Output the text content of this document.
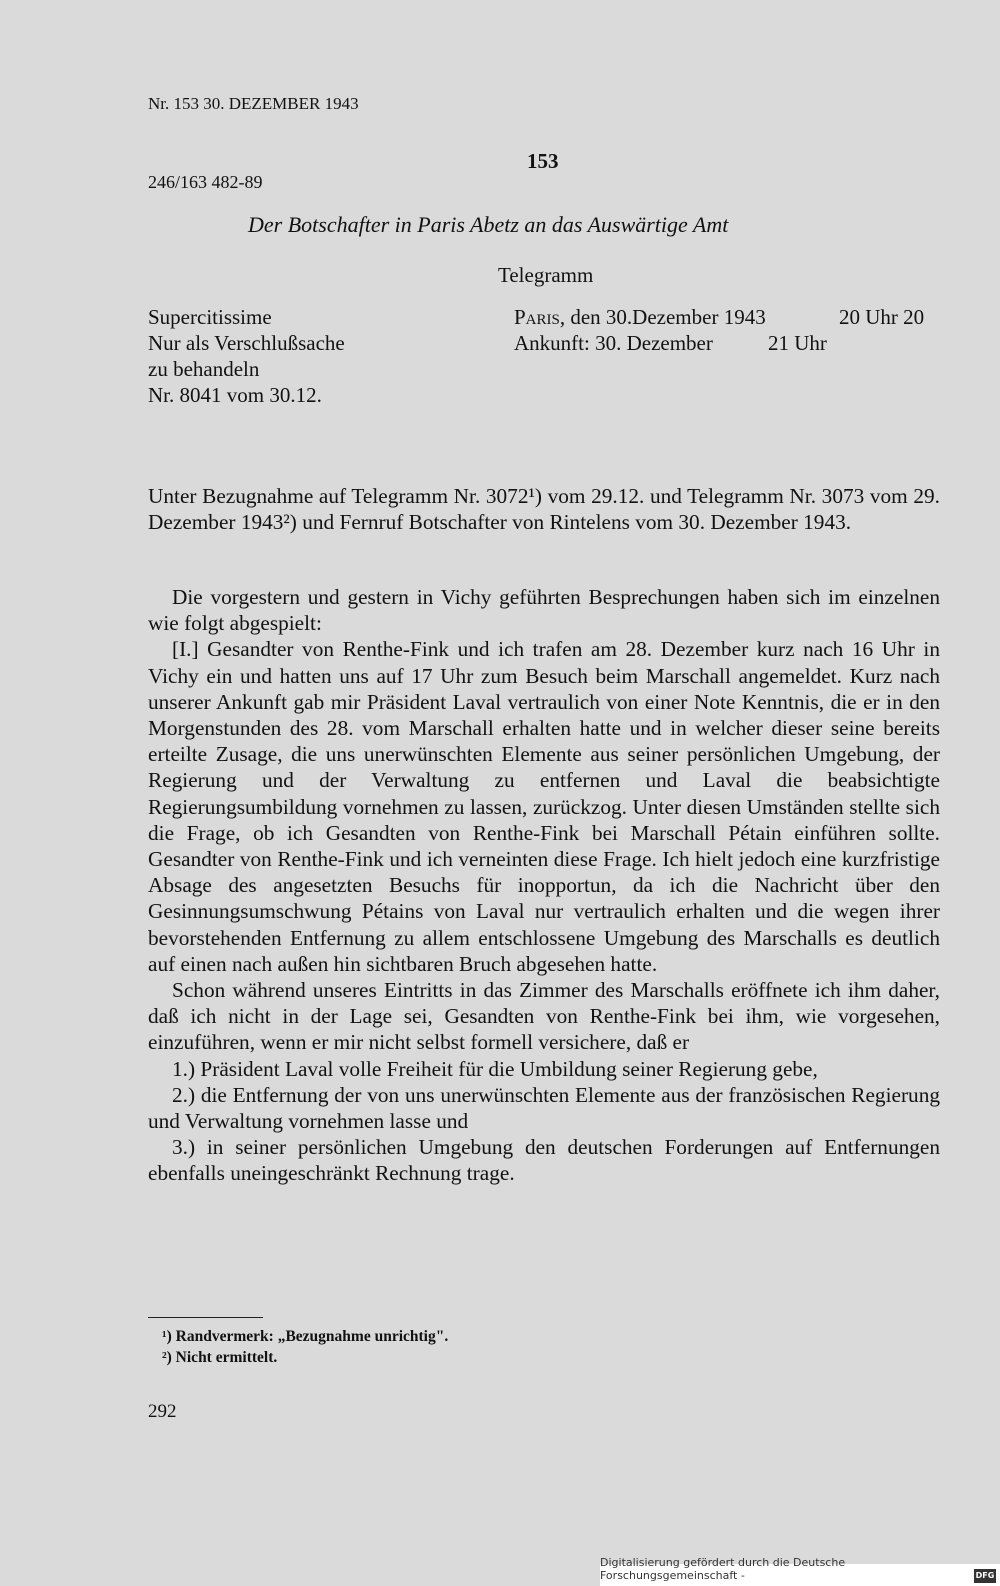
Nr. 153 30. DEZEMBER 1943
153
246/163 482-89
Der Botschafter in Paris Abetz an das Auswärtige Amt
Telegramm
Supercitissime
Nur als Verschlußsache
zu behandeln
Nr. 8041 vom 30.12.
Paris, den 30.Dezember 1943	20 Uhr 20
Ankunft: 30. Dezember	21 Uhr

Unter Bezugnahme auf Telegramm Nr. 3072¹) vom 29.12. und Telegramm Nr. 3073 vom 29. Dezember 1943²) und Fernruf Botschafter von Rintelens vom 30. Dezember 1943.

Die vorgestern und gestern in Vichy geführten Besprechungen haben sich im einzelnen wie folgt abgespielt:

[I.] Gesandter von Renthe-Fink und ich trafen am 28. Dezember kurz nach 16 Uhr in Vichy ein und hatten uns auf 17 Uhr zum Besuch beim Marschall angemeldet. Kurz nach unserer Ankunft gab mir Präsident Laval vertraulich von einer Note Kenntnis, die er in den Morgenstunden des 28. vom Marschall erhalten hatte und in welcher dieser seine bereits erteilte Zusage, die uns unerwünschten Elemente aus seiner persönlichen Umgebung, der Regierung und der Verwaltung zu entfernen und Laval die beabsichtigte Regierungsumbildung vornehmen zu lassen, zurückzog. Unter diesen Umständen stellte sich die Frage, ob ich Gesandten von Renthe-Fink bei Marschall Pétain einführen sollte. Gesandter von Renthe-Fink und ich verneinten diese Frage. Ich hielt jedoch eine kurzfristige Absage des angesetzten Besuchs für inopportun, da ich die Nachricht über den Gesinnungsumschwung Pétains von Laval nur vertraulich erhalten und die wegen ihrer bevorstehenden Entfernung zu allem entschlossene Umgebung des Marschalls es deutlich auf einen nach außen hin sichtbaren Bruch abgesehen hatte.

Schon während unseres Eintritts in das Zimmer des Marschalls eröffnete ich ihm daher, daß ich nicht in der Lage sei, Gesandten von Renthe-Fink bei ihm, wie vorgesehen, einzuführen, wenn er mir nicht selbst formell versichere, daß er

1.) Präsident Laval volle Freiheit für die Umbildung seiner Regierung gebe,

2.) die Entfernung der von uns unerwünschten Elemente aus der französischen Regierung und Verwaltung vornehmen lasse und

3.) in seiner persönlichen Umgebung den deutschen Forderungen auf Entfernungen ebenfalls uneingeschränkt Rechnung trage.

¹) Randvermerk: „Bezugnahme unrichtig".
²) Nicht ermittelt.
292
Digitalisierung gefördert durch die Deutsche Forschungsgemeinschaft -	DFG
